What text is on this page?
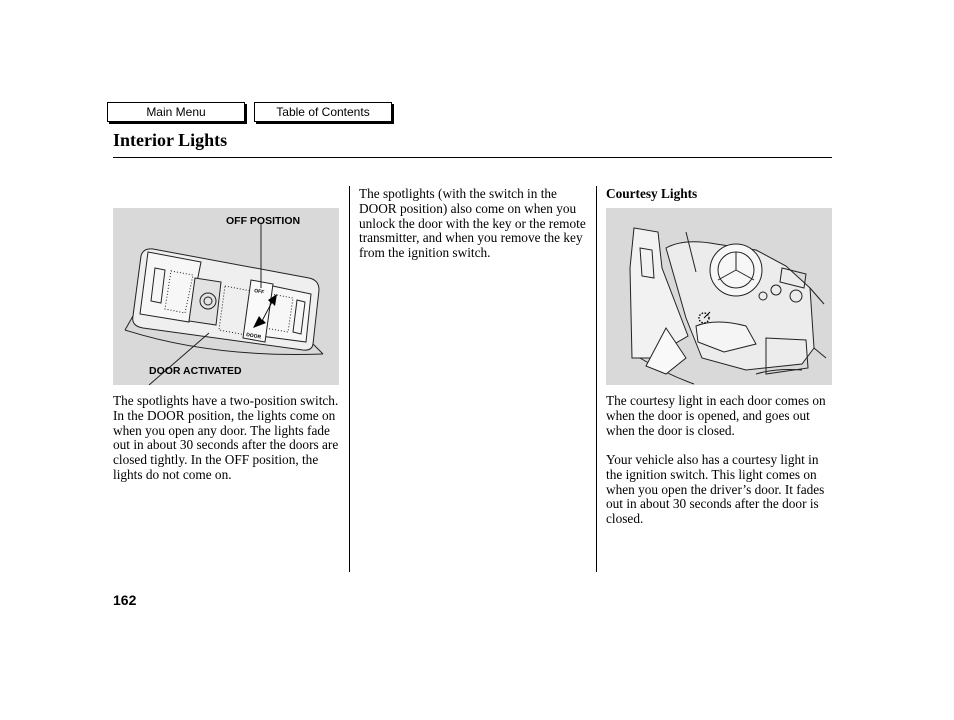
Main Menu	Table of Contents
Interior Lights
OFF
DOOR
OFF POSITION
DOOR ACTIVATED
The spotlights have a two-position switch. In the DOOR position, the lights come on when you open any door. The lights fade out in about 30 seconds after the doors are closed tightly. In the OFF position, the lights do not come on.
The spotlights (with the switch in the DOOR position) also come on when you unlock the door with the key or the remote transmitter, and when you remove the key from the ignition switch.
Courtesy Lights
The courtesy light in each door comes on when the door is opened, and goes out when the door is closed.
Your vehicle also has a courtesy light in the ignition switch. This light comes on when you open the driver’s door. It fades out in about 30 seconds after the door is closed.
162
